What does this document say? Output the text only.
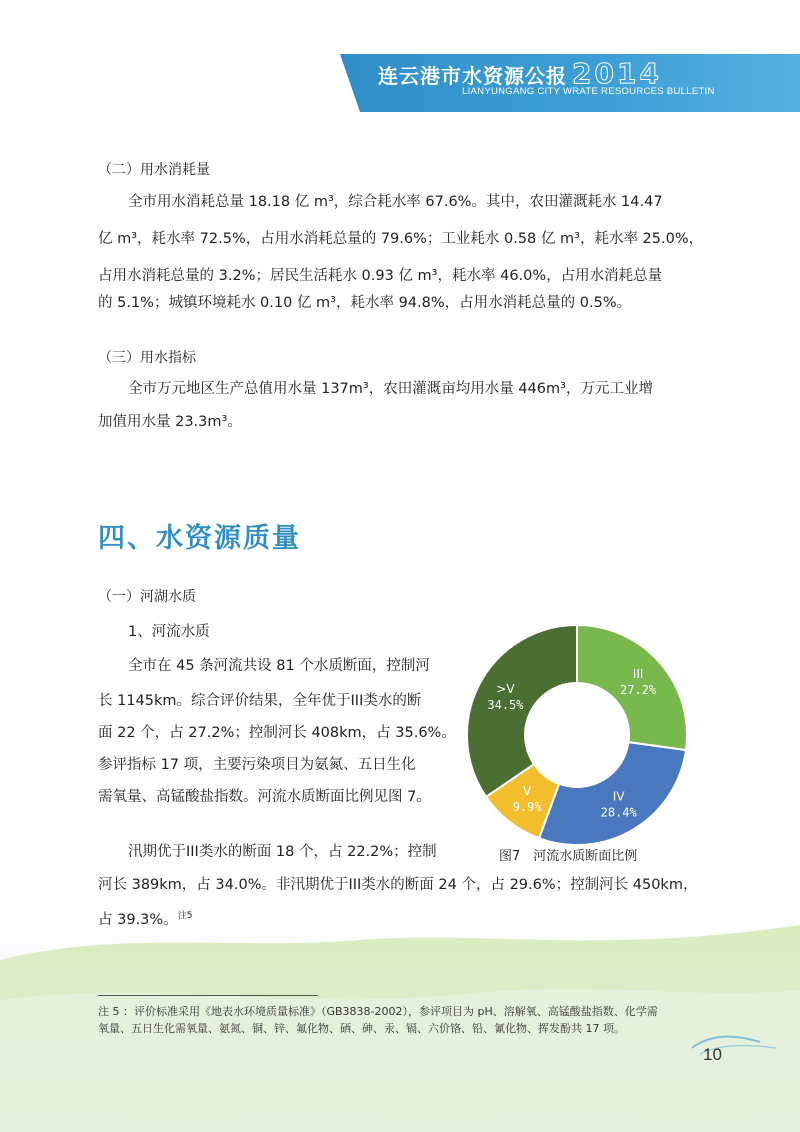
连云港市水资源公报 2014
LIANYUNGANG CITY WRATE RESOURCES BULLETIN
（二）用水消耗量
全市用水消耗总量 18.18 亿 m³，综合耗水率 67.6%。其中，农田灌溉耗水 14.47
亿 m³，耗水率 72.5%，占用水消耗总量的 79.6%；工业耗水 0.58 亿 m³，耗水率 25.0%，
占用水消耗总量的 3.2%；居民生活耗水 0.93 亿 m³，耗水率 46.0%，占用水消耗总量
的 5.1%；城镇环境耗水 0.10 亿 m³，耗水率 94.8%，占用水消耗总量的 0.5%。
（三）用水指标
全市万元地区生产总值用水量 137m³，农田灌溉亩均用水量 446m³，万元工业增
加值用水量 23.3m³。
四、水资源质量
（一）河湖水质
1、河流水质
全市在 45 条河流共设 81 个水质断面，控制河
长 1145km。综合评价结果，全年优于III类水的断
面 22 个，占 27.2%；控制河长 408km，占 35.6%。
参评指标 17 项，主要污染项目为氨氮、五日生化
需氧量、高锰酸盐指数。河流水质断面比例见图 7。
汛期优于III类水的断面 18 个，占 22.2%；控制
河长 389km，占 34.0%。非汛期优于III类水的断面 24 个，占 29.6%；控制河长 450km，
占 39.3%。$^{注5}$
III
27.2%
IV
28.4%
V
9.9%
>V
34.5%
图7　河流水质断面比例
注 5 ：评价标准采用《地表水环境质量标准》（GB3838-2002），参评项目为 pH、溶解氧、高锰酸盐指数、化学需
氧量、五日生化需氧量、氨氮、铜、锌、氟化物、硒、砷、汞、镉、六价铬、铅、氰化物、挥发酚共 17 项。
10
